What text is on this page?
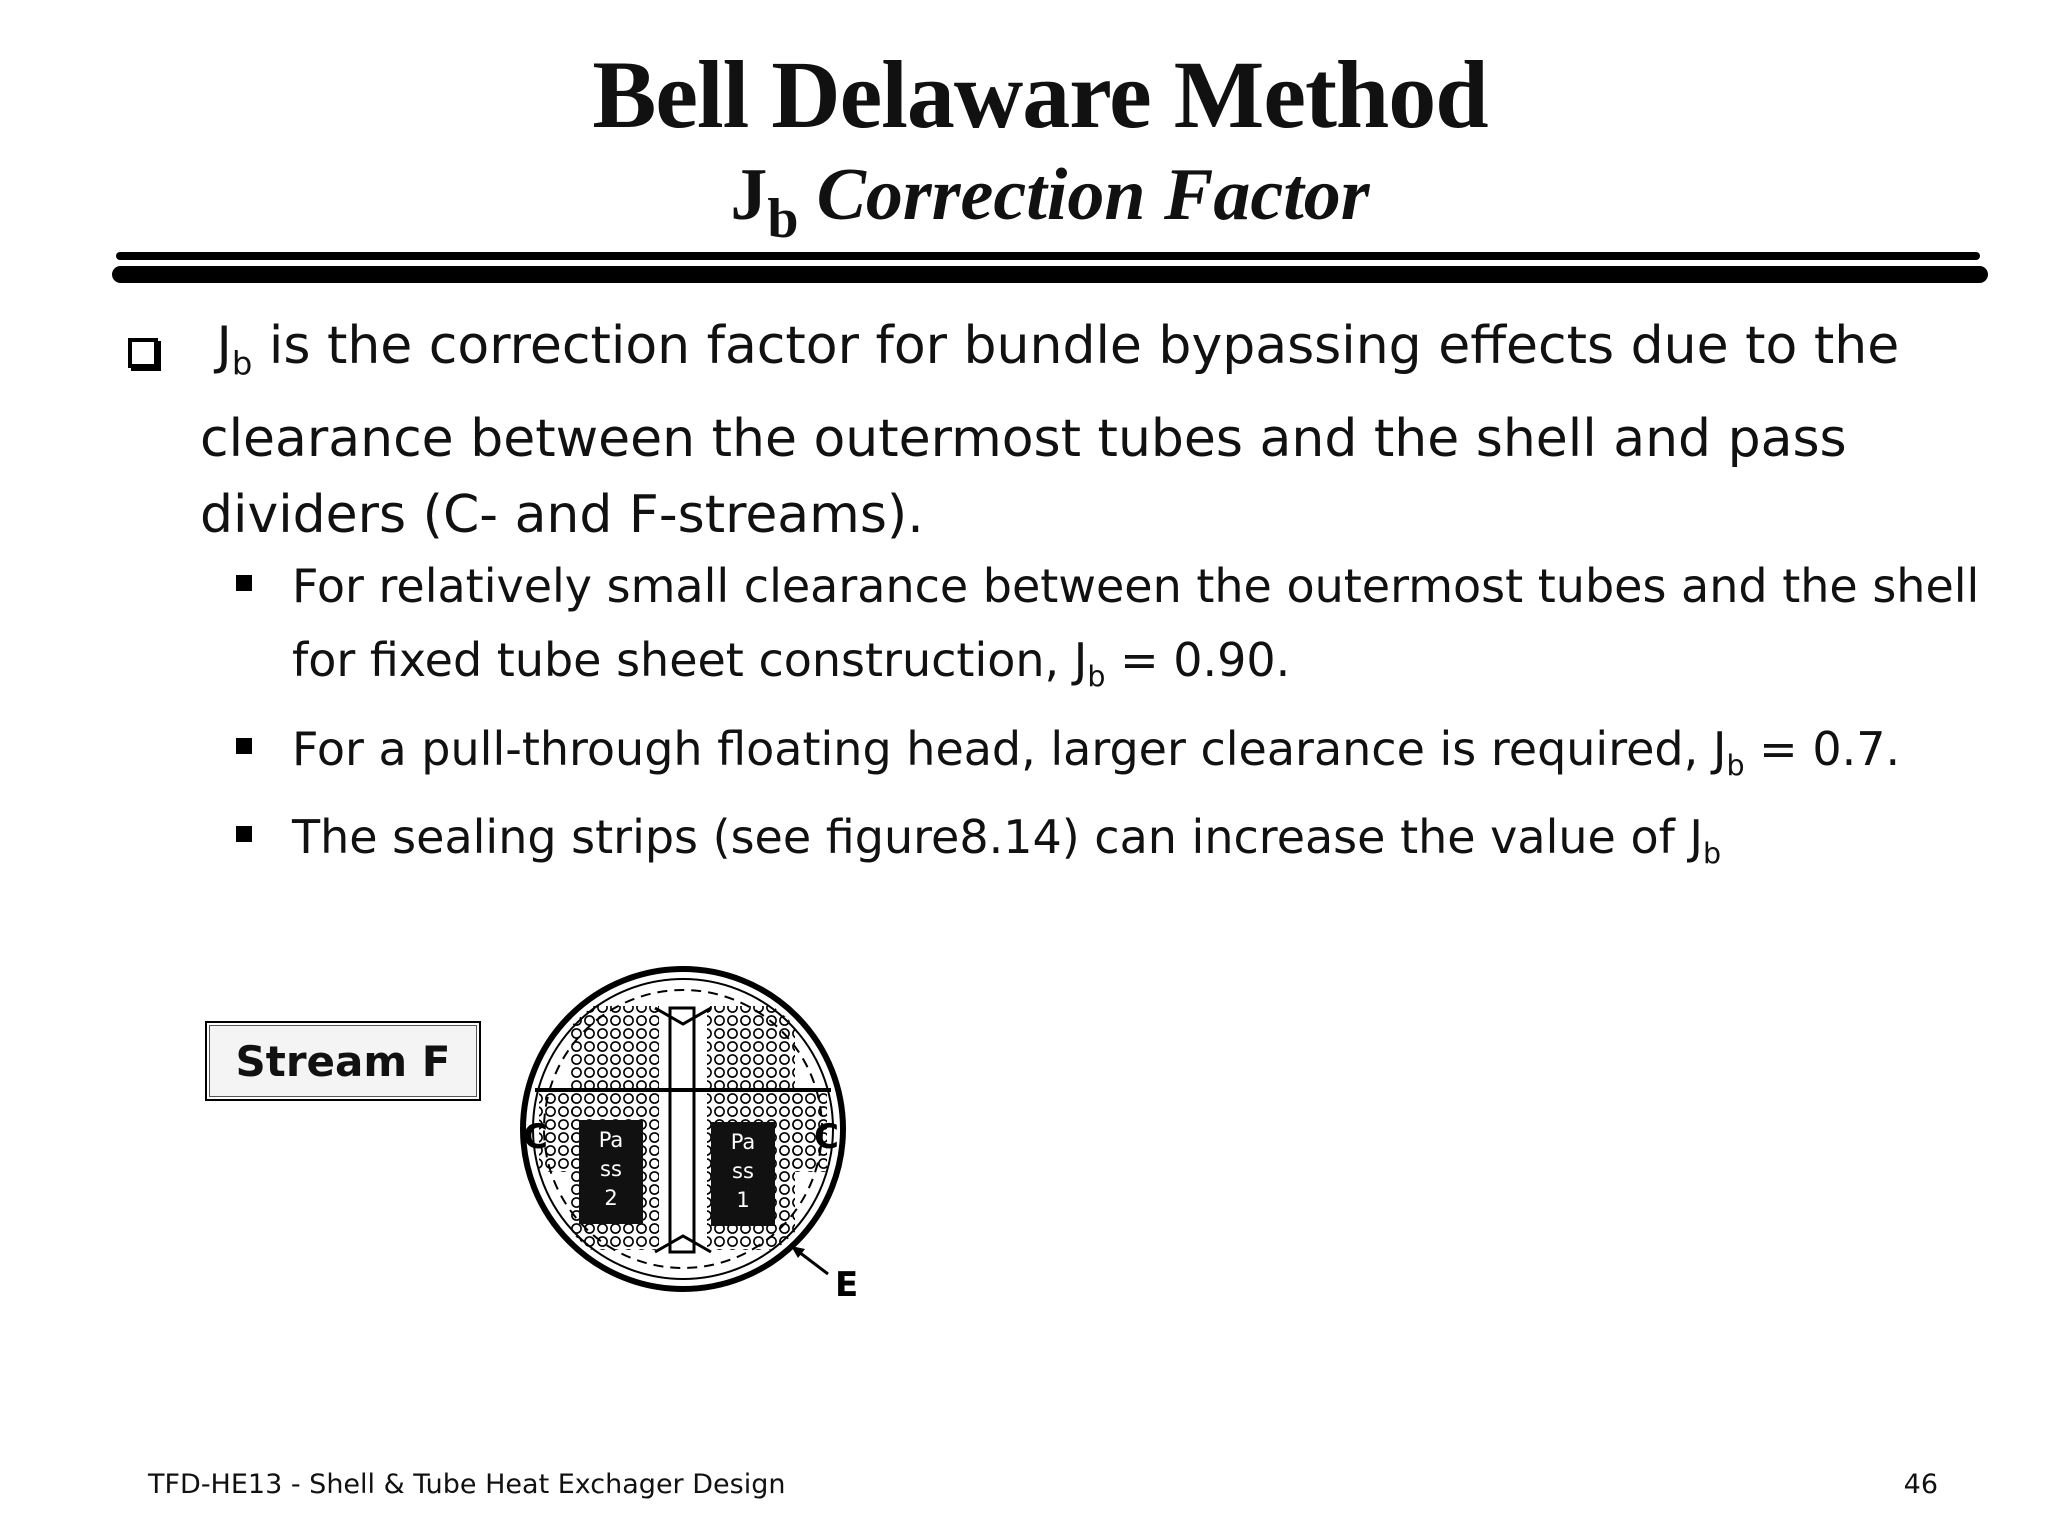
Bell Delaware Method
$J_b$ Correction Factor

$J_b$ is the correction factor for bundle bypassing effects due to the clearance between the outermost tubes and the shell and pass dividers (C- and F-streams).

For relatively small clearance between the outermost tubes and the shell for fixed tube sheet construction, $J_b = 0.90$.

For a pull-through floating head, larger clearance is required, $J_b = 0.7$.

The sealing strips (see figure8.14) can increase the value of $J_b$

Stream F
C	C
E
Pa
ss
2
Pa
ss
1
TFD-HE13 - Shell & Tube Heat Exchager Design	46
